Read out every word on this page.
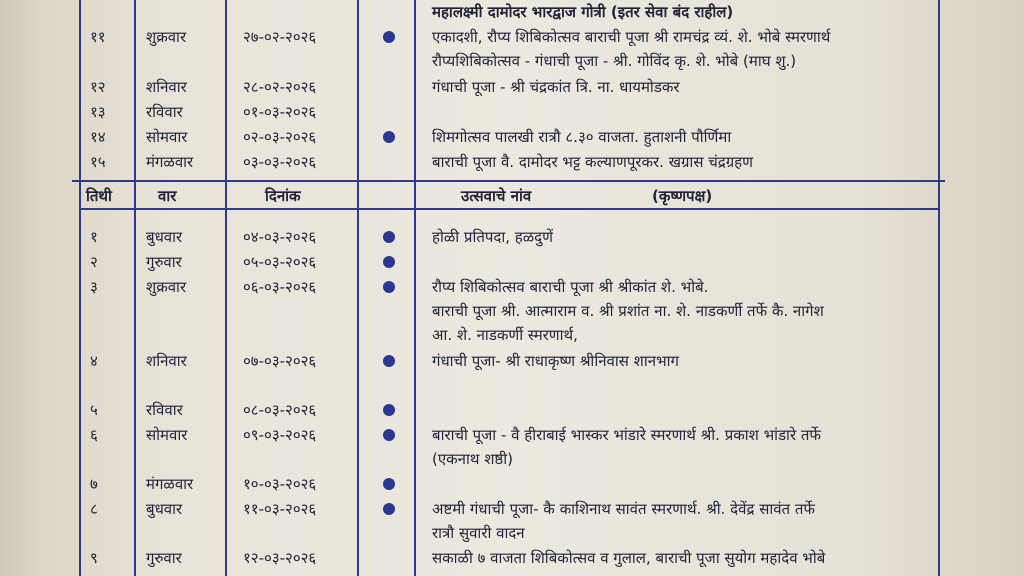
महालक्ष्मी दामोदर भारद्वाज गोत्री (इतर सेवा बंद राहील)
११	शुक्रवार	२७-०२-२०२६	एकादशी, रौप्य शिबिकोत्सव बाराची पूजा श्री रामचंद्र व्यं. शे. भोबे स्मरणार्थ
रौप्यशिबिकोत्सव - गंधाची पूजा - श्री. गोविंद कृ. शे. भोबे (माघ शु.)
१२	शनिवार	२८-०२-२०२६	गंधाची पूजा - श्री चंद्रकांत त्रि. ना. धायमोडकर
१३	रविवार	०१-०३-२०२६
१४	सोमवार	०२-०३-२०२६	शिमगोत्सव पालखी रात्रौ ८.३० वाजता. हुताशनी पौर्णिमा
१५	मंगळवार	०३-०३-२०२६	बाराची पूजा वै. दामोदर भट्ट कल्याणपूरकर. खग्रास चंद्रग्रहण
तिथी	वार	दिनांक	उत्सवाचे नांव	(कृष्णपक्ष)
१	बुधवार	०४-०३-२०२६	होळी प्रतिपदा, हळदुणें
२	गुरुवार	०५-०३-२०२६
३	शुक्रवार	०६-०३-२०२६	रौप्य शिबिकोत्सव बाराची पूजा श्री श्रीकांत शे. भोबे.
बाराची पूजा श्री. आत्माराम व. श्री प्रशांत ना. शे. नाडकर्णी तर्फे कै. नागेश
आ. शे. नाडकर्णी स्मरणार्थ,
४	शनिवार	०७-०३-२०२६	गंधाची पूजा- श्री राधाकृष्ण श्रीनिवास शानभाग
५	रविवार	०८-०३-२०२६
६	सोमवार	०९-०३-२०२६	बाराची पूजा - वै हीराबाई भास्कर भांडारे स्मरणार्थ श्री. प्रकाश भांडारे तर्फे
(एकनाथ शष्ठी)
७	मंगळवार	१०-०३-२०२६
८	बुधवार	११-०३-२०२६	अष्टमी गंधाची पूजा- कै काशिनाथ सावंत स्मरणार्थ. श्री. देवेंद्र सावंत तर्फे
रात्रौ सुवारी वादन
९	गुरुवार	१२-०३-२०२६	सकाळी ७ वाजता शिबिकोत्सव व गुलाल, बाराची पूजा सुयोग महादेव भोबे
